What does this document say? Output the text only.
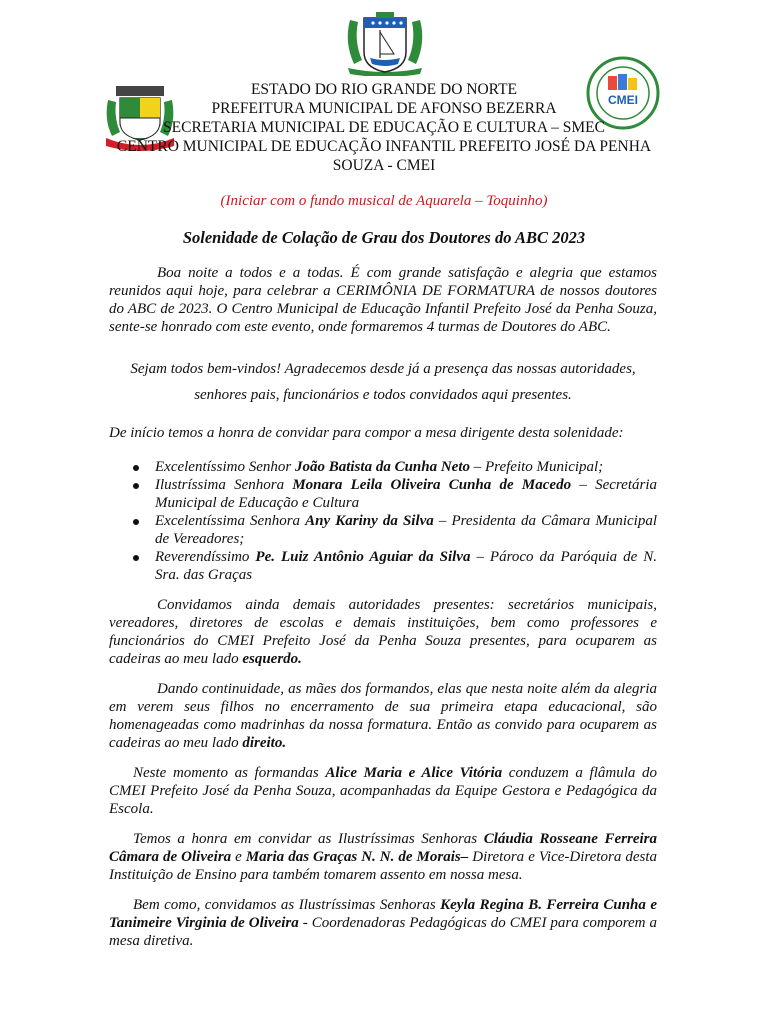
CMEI
ESTADO DO RIO GRANDE DO NORTE
PREFEITURA MUNICIPAL DE AFONSO BEZERRA
SECRETARIA MUNICIPAL DE EDUCAÇÃO E CULTURA – SMEC
CENTRO MUNICIPAL DE EDUCAÇÃO INFANTIL PREFEITO JOSÉ DA PENHA
SOUZA - CMEI
(Iniciar com o fundo musical de Aquarela – Toquinho)
Solenidade de Colação de Grau dos Doutores do ABC 2023

Boa noite a todos e a todas. É com grande satisfação e alegria que estamos reunidos aqui hoje, para celebrar a CERIMÔNIA DE FORMATURA de nossos doutores do ABC de 2023. O Centro Municipal de Educação Infantil Prefeito José da Penha Souza, sente-se honrado com este evento, onde formaremos 4 turmas de Doutores do ABC.

Sejam todos bem-vindos! Agradecemos desde já a presença das nossas autoridades,

senhores pais, funcionários e todos convidados aqui presentes.

De início temos a honra de convidar para compor a mesa dirigente desta solenidade:

Excelentíssimo Senhor João Batista da Cunha Neto – Prefeito Municipal;
Ilustríssima Senhora Monara Leila Oliveira Cunha de Macedo – Secretária Municipal de Educação e Cultura
Excelentíssima Senhora Any Kariny da Silva – Presidenta da Câmara Municipal de Vereadores;
Reverendíssimo Pe. Luiz Antônio Aguiar da Silva – Pároco da Paróquia de N. Sra. das Graças

Convidamos ainda demais autoridades presentes: secretários municipais, vereadores, diretores de escolas e demais instituições, bem como professores e funcionários do CMEI Prefeito José da Penha Souza presentes, para ocuparem as cadeiras ao meu lado esquerdo.

Dando continuidade, as mães dos formandos, elas que nesta noite além da alegria em verem seus filhos no encerramento de sua primeira etapa educacional, são homenageadas como madrinhas da nossa formatura. Então as convido para ocuparem as cadeiras ao meu lado direito.

Neste momento as formandas Alice Maria e Alice Vitória conduzem a flâmula do CMEI Prefeito José da Penha Souza, acompanhadas da Equipe Gestora e Pedagógica da Escola.

Temos a honra em convidar as Ilustríssimas Senhoras Cláudia Rosseane Ferreira Câmara de Oliveira e Maria das Graças N. N. de Morais– Diretora e Vice-Diretora desta Instituição de Ensino para também tomarem assento em nossa mesa.

Bem como, convidamos as Ilustríssimas Senhoras Keyla Regina B. Ferreira Cunha e Tanimeire Virginia de Oliveira - Coordenadoras Pedagógicas do CMEI para comporem a mesa diretiva.
